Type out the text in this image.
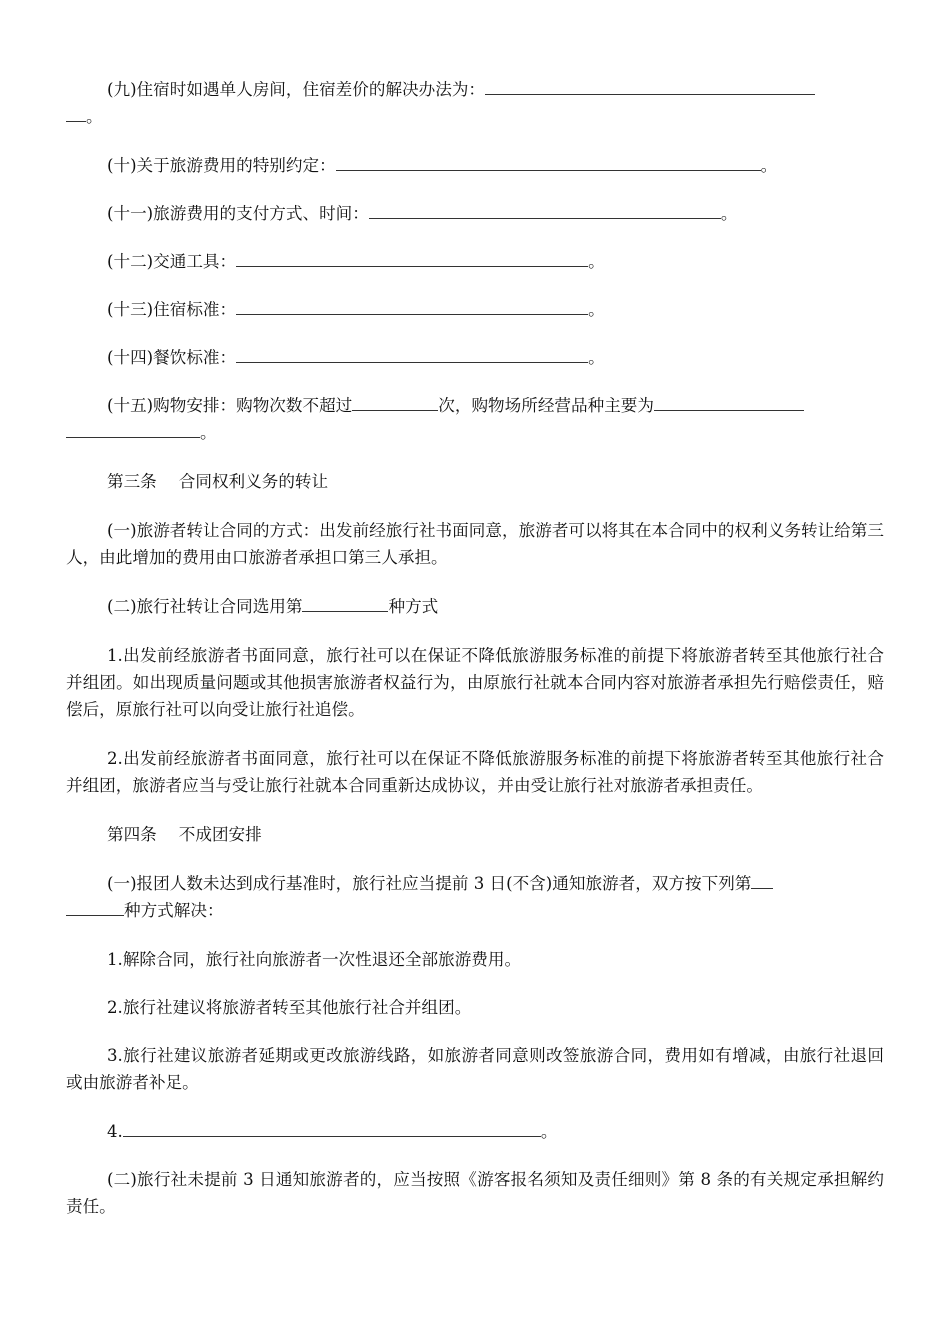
(九)住宿时如遇单人房间，住宿差价的解决办法为：
。

(十)关于旅游费用的特别约定：	。

(十一)旅游费用的支付方式、时间：	。

(十二)交通工具：	。

(十三)住宿标准：	。

(十四)餐饮标准：	。

(十五)购物安排：购物次数不超过	次，购物场所经营品种主要为
。

第三条 合同权利义务的转让

(一)旅游者转让合同的方式：出发前经旅行社书面同意，旅游者可以将其在本合同中的权利义务转让给第三人，由此增加的费用由口旅游者承担口第三人承担。

(二)旅行社转让合同选用第	种方式

1.出发前经旅游者书面同意，旅行社可以在保证不降低旅游服务标准的前提下将旅游者转至其他旅行社合并组团。如出现质量问题或其他损害旅游者权益行为，由原旅行社就本合同内容对旅游者承担先行赔偿责任，赔偿后，原旅行社可以向受让旅行社追偿。

2.出发前经旅游者书面同意，旅行社可以在保证不降低旅游服务标准的前提下将旅游者转至其他旅行社合并组团，旅游者应当与受让旅行社就本合同重新达成协议，并由受让旅行社对旅游者承担责任。

第四条 不成团安排

(一)报团人数未达到成行基准时，旅行社应当提前 3 日(不含)通知旅游者，双方按下列第
种方式解决：

1.解除合同，旅行社向旅游者一次性退还全部旅游费用。

2.旅行社建议将旅游者转至其他旅行社合并组团。

3.旅行社建议旅游者延期或更改旅游线路，如旅游者同意则改签旅游合同，费用如有增减，由旅行社退回或由旅游者补足。

4.	。

(二)旅行社未提前 3 日通知旅游者的，应当按照《游客报名须知及责任细则》第 8 条的有关规定承担解约责任。
